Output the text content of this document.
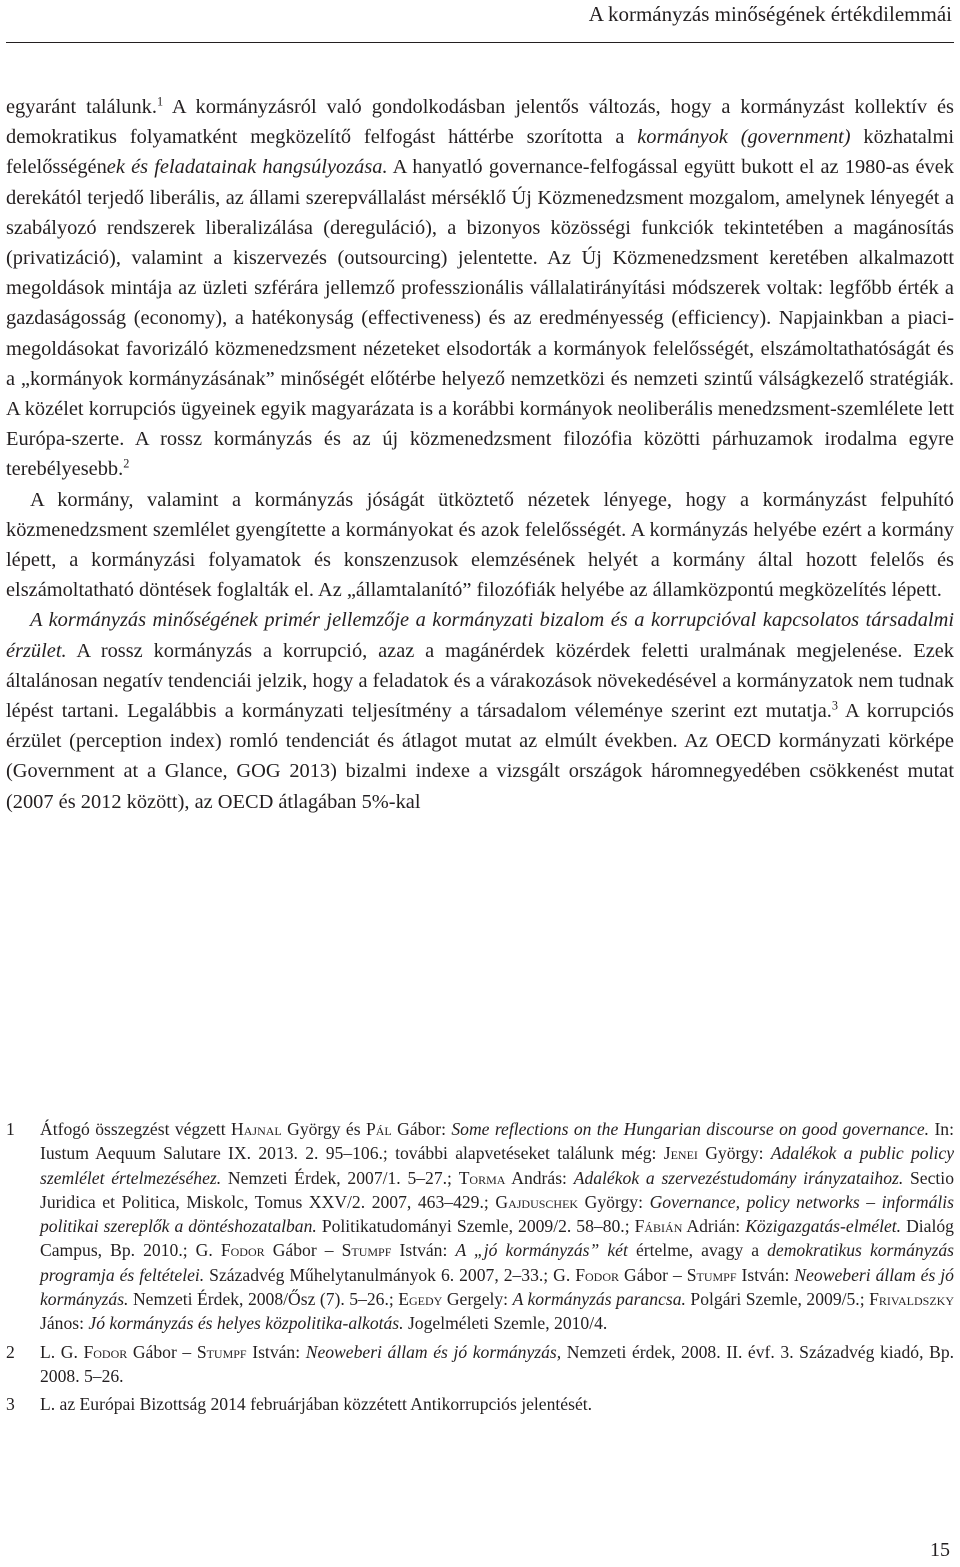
A kormányzás minőségének értékdilemmái

egyaránt találunk.$^1$ A kormányzásról való gondolkodásban jelentős változás, hogy a kormányzást kollektív és demokratikus folyamatként megközelítő felfogást háttérbe szorította a kormányok (government) közhatalmi felelősségének és feladatainak hangsúlyozása. A hanyatló governance-felfogással együtt bukott el az 1980-as évek derekától terjedő liberális, az állami szerepvállalást mérséklő Új Közmenedzsment mozgalom, amelynek lényegét a szabályozó rendszerek liberalizálása (dereguláció), a bizonyos közösségi funkciók tekintetében a magánosítás (privatizáció), valamint a kiszervezés (outsourcing) jelentette. Az Új Közmenedzsment keretében alkalmazott megoldások mintája az üzleti szférára jellemző professzionális vállalatirányítási módszerek voltak: legfőbb érték a gazdaságosság (economy), a hatékonyság (effectiveness) és az eredményesség (efficiency). Napjainkban a piaci-megoldásokat favorizáló közmenedzsment nézeteket elsodorták a kormányok felelősségét, elszámoltathatóságát és a „kormányok kormányzásának” minőségét előtérbe helyező nemzetközi és nemzeti szintű válságkezelő stratégiák. A közélet korrupciós ügyeinek egyik magyarázata is a korábbi kormányok neoliberális menedzsment-szemlélete lett Európa-szerte. A rossz kormányzás és az új közmenedzsment filozófia közötti párhuzamok irodalma egyre terebélyesebb.$^2$

A kormány, valamint a kormányzás jóságát ütköztető nézetek lényege, hogy a kormányzást felpuhító közmenedzsment szemlélet gyengítette a kormányokat és azok felelősségét. A kormányzás helyébe ezért a kormány lépett, a kormányzási folyamatok és konszenzusok elemzésének helyét a kormány által hozott felelős és elszámoltatható döntések foglalták el. Az „államtalanító” filozófiák helyébe az államközpontú megközelítés lépett.

A kormányzás minőségének primér jellemzője a kormányzati bizalom és a korrupcióval kapcsolatos társadalmi érzület. A rossz kormányzás a korrupció, azaz a magánérdek közérdek feletti uralmának megjelenése. Ezek általánosan negatív tendenciái jelzik, hogy a feladatok és a várakozások növekedésével a kormányzatok nem tudnak lépést tartani. Legalábbis a kormányzati teljesítmény a társadalom véleménye szerint ezt mutatja.$^3$ A korrupciós érzület (perception index) romló tendenciát és átlagot mutat az elmúlt években. Az OECD kormányzati körképe (Government at a Glance, GOG 2013) bizalmi indexe a vizsgált országok háromnegyedében csökkenést mutat (2007 és 2012 között), az OECD átlagában 5%-kal

1	Átfogó összegzést végzett Hajnal György és Pál Gábor: Some reflections on the Hungarian discourse on good governance. In: Iustum Aequum Salutare IX. 2013. 2. 95–106.; további alapvetéseket találunk még: Jenei György: Adalékok a public policy szemlélet értelmezéséhez. Nemzeti Érdek, 2007/1. 5–27.; Torma András: Adalékok a szervezéstudomány irányzataihoz. Sectio Juridica et Politica, Miskolc, Tomus XXV/2. 2007, 463–429.; Gajduschek György: Governance, policy networks – informális politikai szereplők a döntéshozatalban. Politikatudományi Szemle, 2009/2. 58–80.; Fábián Adrián: Közigazgatás-elmélet. Dialóg Campus, Bp. 2010.; G. Fodor Gábor – Stumpf István: A „jó kormányzás” két értelme, avagy a demokratikus kormányzás programja és feltételei. Századvég Műhelytanulmányok 6. 2007, 2–33.; G. Fodor Gábor – Stumpf István: Neoweberi állam és jó kormányzás. Nemzeti Érdek, 2008/Ősz (7). 5–26.; Egedy Gergely: A kormányzás parancsa. Polgári Szemle, 2009/5.; Frivaldszky János: Jó kormányzás és helyes közpolitika-alkotás. Jogelméleti Szemle, 2010/4.
2	L. G. Fodor Gábor – Stumpf István: Neoweberi állam és jó kormányzás, Nemzeti érdek, 2008. II. évf. 3. Századvég kiadó, Bp. 2008. 5–26.
3	L. az Európai Bizottság 2014 februárjában közzétett Antikorrupciós jelentését.
15
